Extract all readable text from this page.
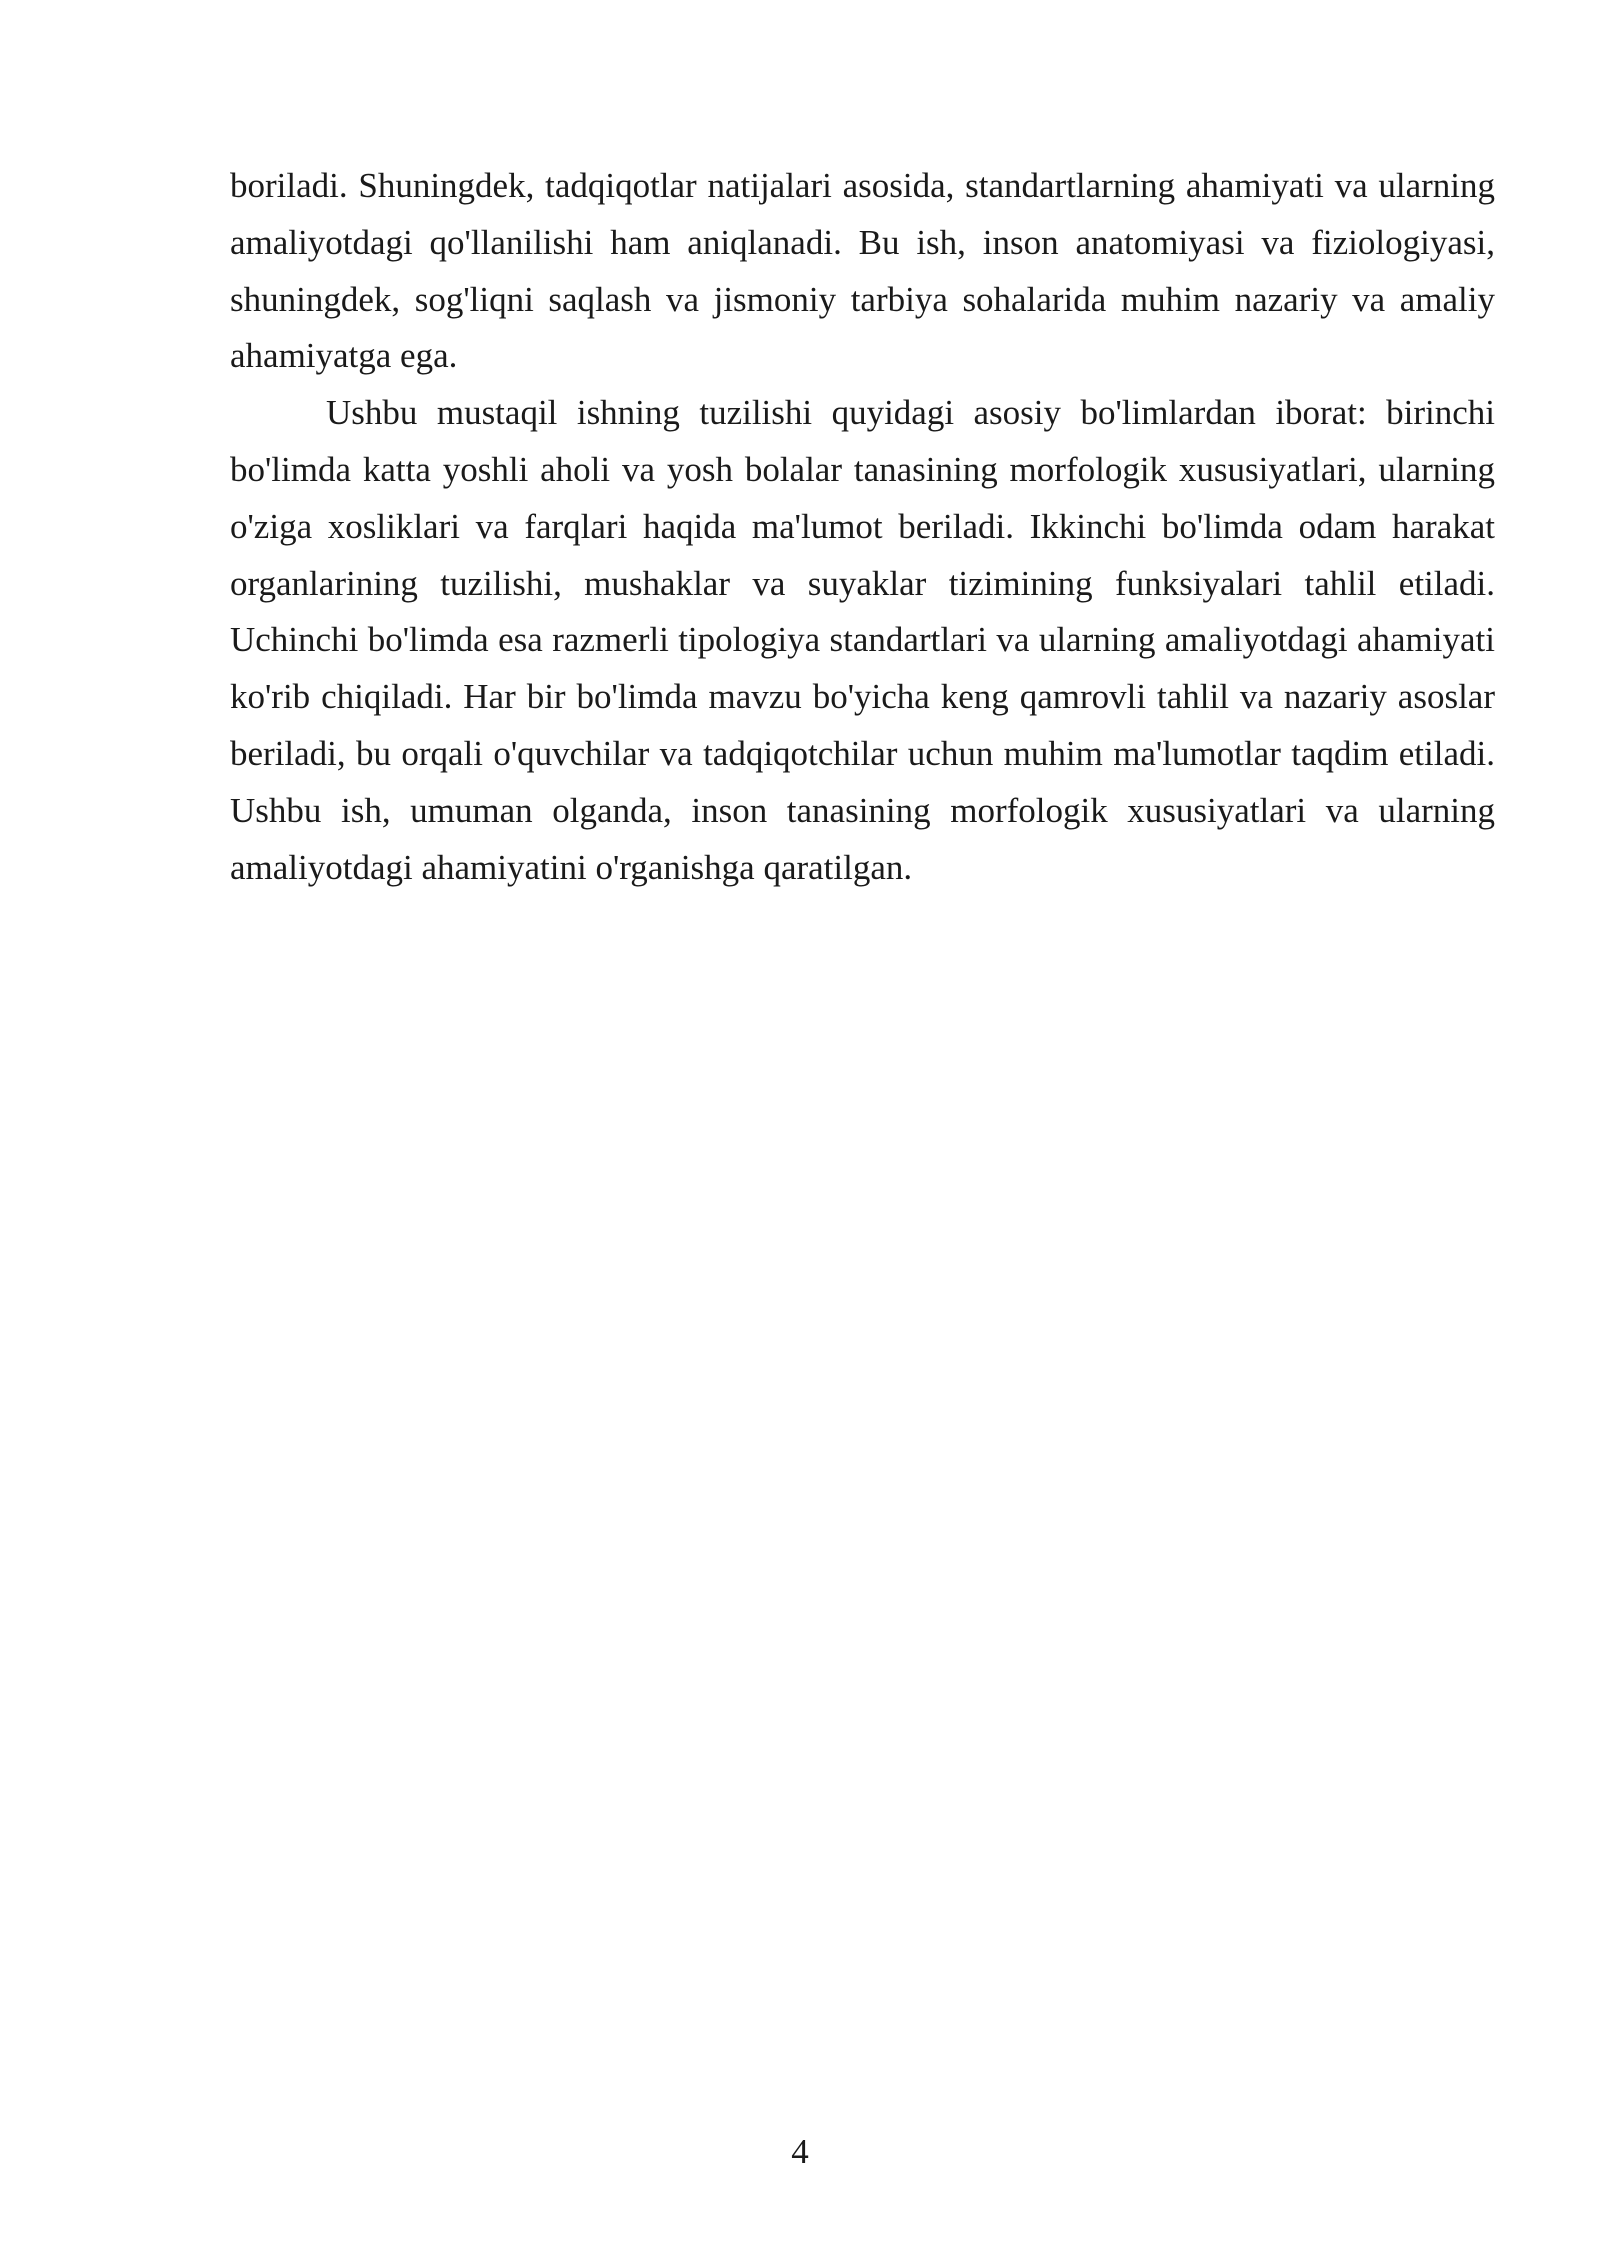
boriladi. Shuningdek, tadqiqotlar natijalari asosida, standartlarning ahamiyati va ularning amaliyotdagi qo'llanilishi ham aniqlanadi. Bu ish, inson anatomiyasi va fiziologiyasi, shuningdek, sog'liqni saqlash va jismoniy tarbiya sohalarida muhim nazariy va amaliy ahamiyatga ega.

Ushbu mustaqil ishning tuzilishi quyidagi asosiy bo'limlardan iborat: birinchi bo'limda katta yoshli aholi va yosh bolalar tanasining morfologik xususiyatlari, ularning o'ziga xosliklari va farqlari haqida ma'lumot beriladi. Ikkinchi bo'limda odam harakat organlarining tuzilishi, mushaklar va suyaklar tizimining funksiyalari tahlil etiladi. Uchinchi bo'limda esa razmerli tipologiya standartlari va ularning amaliyotdagi ahamiyati ko'rib chiqiladi. Har bir bo'limda mavzu bo'yicha keng qamrovli tahlil va nazariy asoslar beriladi, bu orqali o'quvchilar va tadqiqotchilar uchun muhim ma'lumotlar taqdim etiladi. Ushbu ish, umuman olganda, inson tanasining morfologik xususiyatlari va ularning amaliyotdagi ahamiyatini o'rganishga qaratilgan.

4
